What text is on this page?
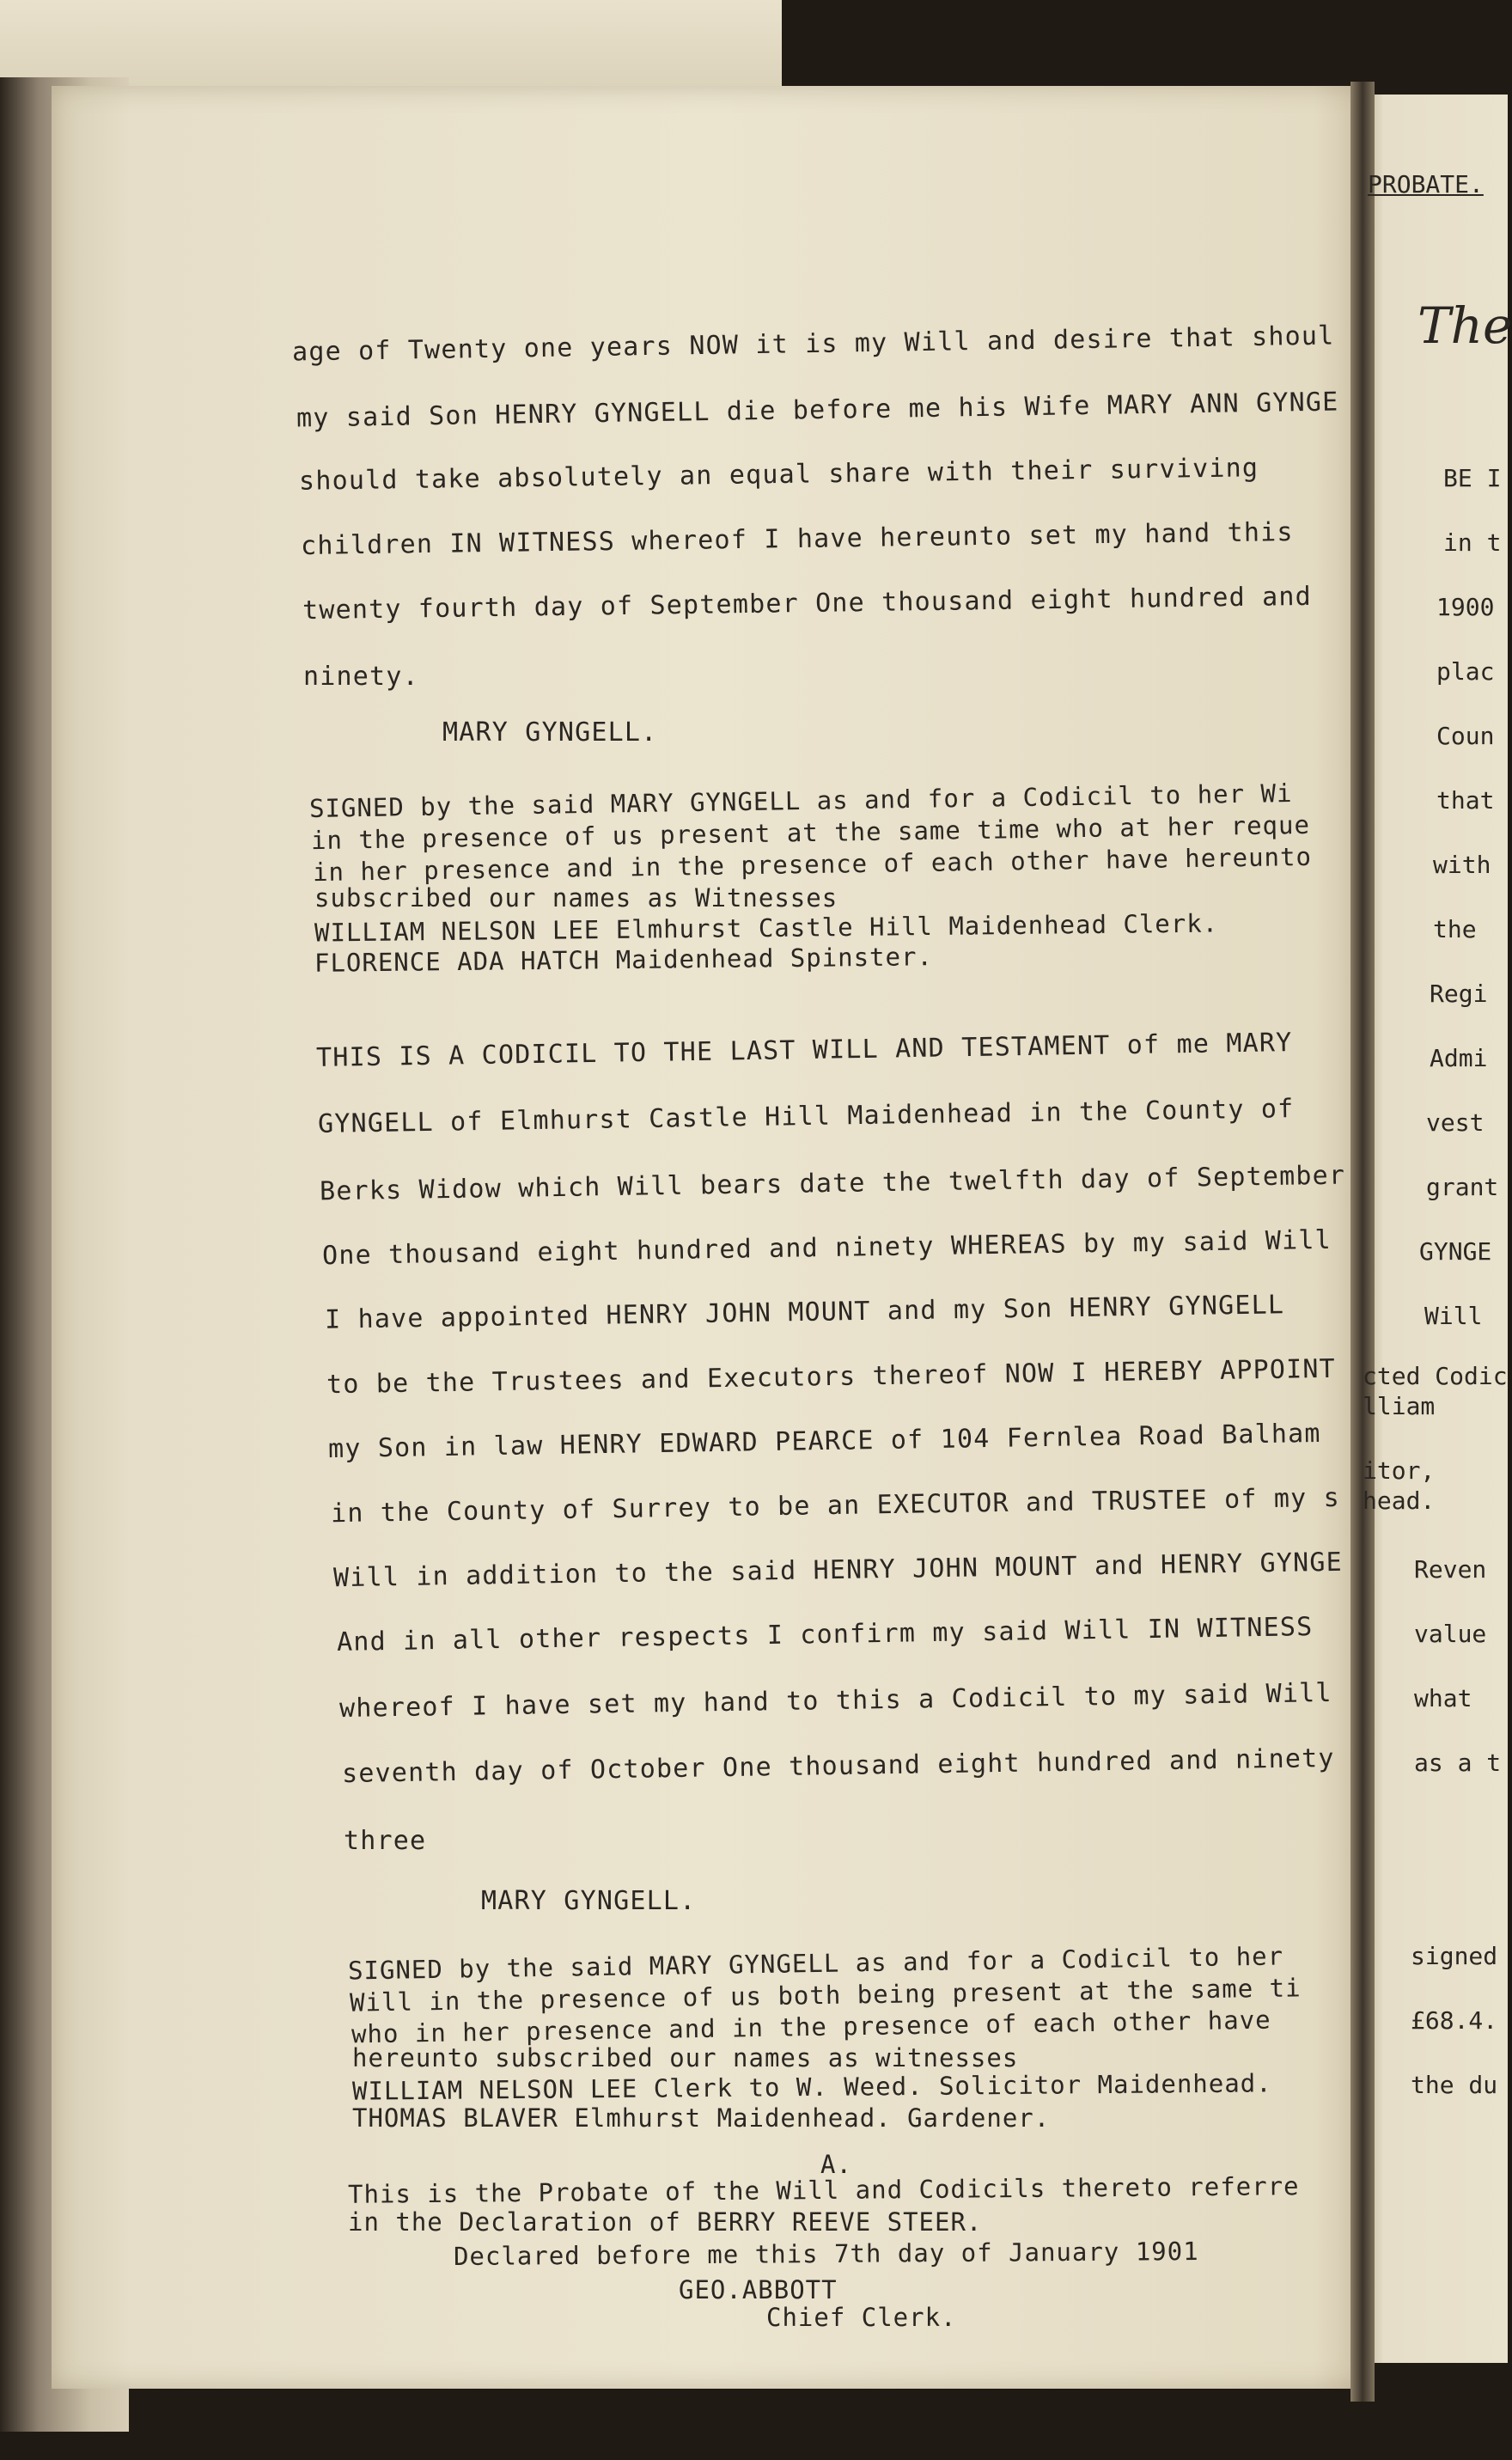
age of Twenty one years NOW it is my Will and desire that shoul
my said Son HENRY GYNGELL die before me his Wife MARY ANN GYNGE
should take absolutely an equal share with their surviving
children IN WITNESS whereof I have hereunto set my hand this
twenty fourth day of September One thousand eight hundred and
ninety.
MARY GYNGELL.
SIGNED by the said MARY GYNGELL as and for a Codicil to her Wi
in the presence of us present at the same time who at her reque
in her presence and in the presence of each other have hereunto
subscribed our names as Witnesses
WILLIAM NELSON LEE Elmhurst Castle Hill Maidenhead Clerk.
FLORENCE ADA HATCH Maidenhead Spinster.
THIS IS A CODICIL TO THE LAST WILL AND TESTAMENT of me MARY
GYNGELL of Elmhurst Castle Hill Maidenhead in the County of
Berks Widow which Will bears date the twelfth day of September
One thousand eight hundred and ninety WHEREAS by my said Will
I have appointed HENRY JOHN MOUNT and my Son HENRY GYNGELL
to be the Trustees and Executors thereof NOW I HEREBY APPOINT
my Son in law HENRY EDWARD PEARCE of 104 Fernlea Road Balham
in the County of Surrey to be an EXECUTOR and TRUSTEE of my s
Will in addition to the said HENRY JOHN MOUNT and HENRY GYNGE
And in all other respects I confirm my said Will IN WITNESS
whereof I have set my hand to this a Codicil to my said Will
seventh day of October One thousand eight hundred and ninety
three
MARY GYNGELL.
SIGNED by the said MARY GYNGELL as and for a Codicil to her
Will in the presence of us both being present at the same ti
who in her presence and in the presence of each other have
hereunto subscribed our names as witnesses
WILLIAM NELSON LEE Clerk to W. Weed. Solicitor Maidenhead.
THOMAS BLAVER Elmhurst Maidenhead. Gardener.
A.
This is the Probate of the Will and Codicils thereto referre
in the Declaration of BERRY REEVE STEER.
Declared before me this 7th day of January 1901
GEO.ABBOTT
Chief Clerk.
PROBATE.
The
BE I
in t
1900
plac
Coun
that
with
the
Regi
Admi
vest
grant
GYNGE
Will
cted Codic
lliam
itor,
head.
Reven
value
what
as a t
signed
£68.4.
the du
